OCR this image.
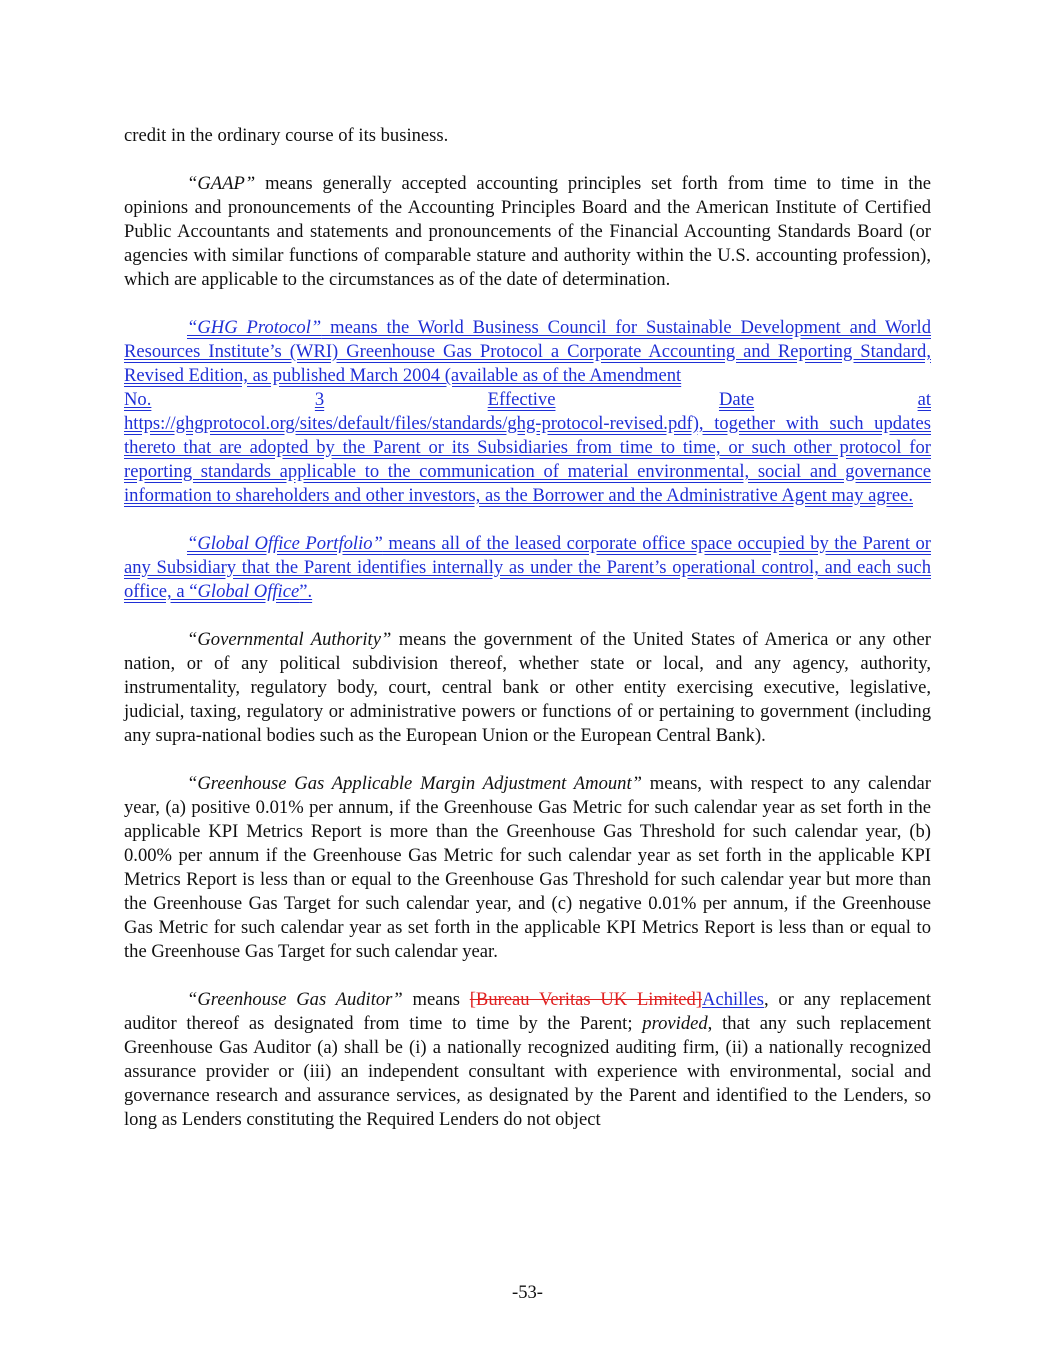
credit in the ordinary course of its business.

“GAAP” means generally accepted accounting principles set forth from time to time in the opinions and pronouncements of the Accounting Principles Board and the American Institute of Certified Public Accountants and statements and pronouncements of the Financial Accounting Standards Board (or agencies with similar functions of comparable stature and authority within the U.S. accounting profession), which are applicable to the circumstances as of the date of determination.

“GHG Protocol” means the World Business Council for Sustainable Development and World Resources Institute’s (WRI) Greenhouse Gas Protocol a Corporate Accounting and Reporting Standard, Revised Edition, as published March 2004 (available as of the Amendment

No.	3	Effective	Date	at

https://ghgprotocol.org/sites/default/files/standards/ghg-protocol-revised.pdf), together with such updates thereto that are adopted by the Parent or its Subsidiaries from time to time, or such other protocol for reporting standards applicable to the communication of material environmental, social and governance information to shareholders and other investors, as the Borrower and the Administrative Agent may agree.

“Global Office Portfolio” means all of the leased corporate office space occupied by the Parent or any Subsidiary that the Parent identifies internally as under the Parent’s operational control, and each such office, a “Global Office”.

“Governmental Authority” means the government of the United States of America or any other nation, or of any political subdivision thereof, whether state or local, and any agency, authority, instrumentality, regulatory body, court, central bank or other entity exercising executive, legislative, judicial, taxing, regulatory or administrative powers or functions of or pertaining to government (including any supra-national bodies such as the European Union or the European Central Bank).

“Greenhouse Gas Applicable Margin Adjustment Amount” means, with respect to any calendar year, (a) positive 0.01% per annum, if the Greenhouse Gas Metric for such calendar year as set forth in the applicable KPI Metrics Report is more than the Greenhouse Gas Threshold for such calendar year, (b) 0.00% per annum if the Greenhouse Gas Metric for such calendar year as set forth in the applicable KPI Metrics Report is less than or equal to the Greenhouse Gas Threshold for such calendar year but more than the Greenhouse Gas Target for such calendar year, and (c) negative 0.01% per annum, if the Greenhouse Gas Metric for such calendar year as set forth in the applicable KPI Metrics Report is less than or equal to the Greenhouse Gas Target for such calendar year.

“Greenhouse Gas Auditor” means [Bureau Veritas UK Limited]Achilles, or any replacement auditor thereof as designated from time to time by the Parent; provided, that any such replacement Greenhouse Gas Auditor (a) shall be (i) a nationally recognized auditing firm, (ii) a nationally recognized assurance provider or (iii) an independent consultant with experience with environmental, social and governance research and assurance services, as designated by the Parent and identified to the Lenders, so long as Lenders constituting the Required Lenders do not object

-53-
